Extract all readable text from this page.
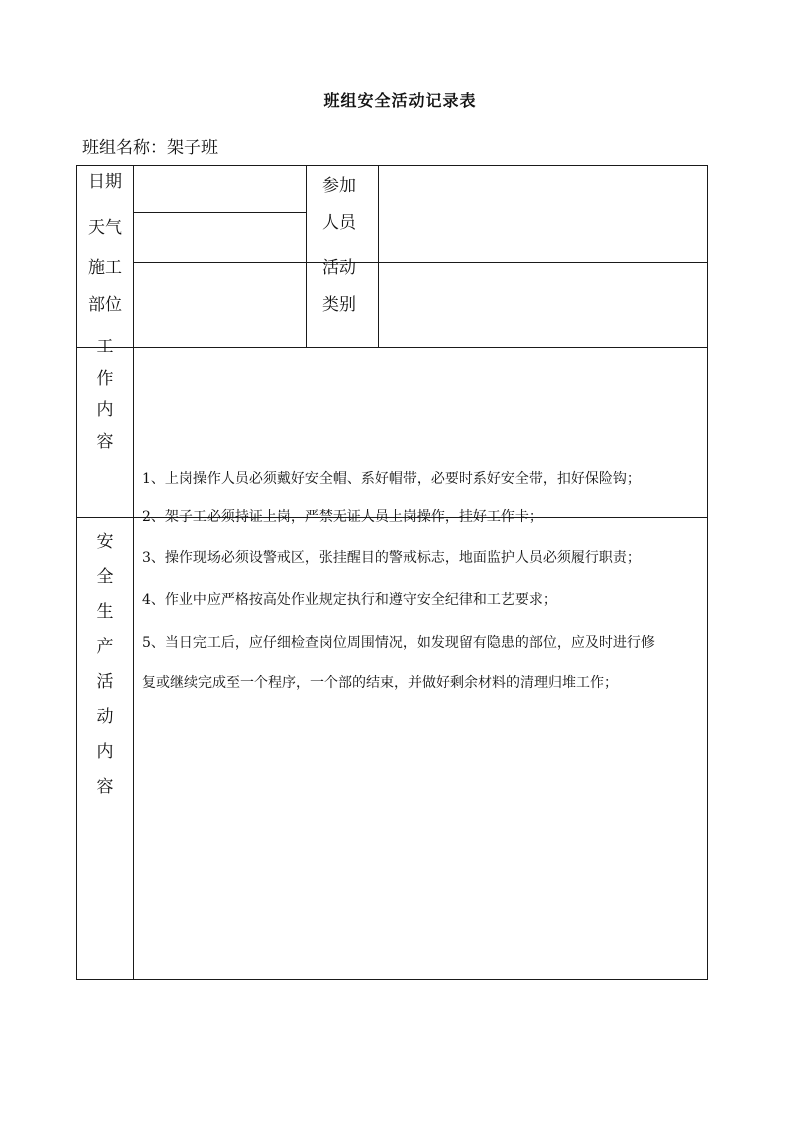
班组安全活动记录表
班组名称：架子班
日期
天气
施工
部位
参加
人员
活动
类别
工
作
内
容
安
全
生
产
活
动
内
容
1、上岗操作人员必须戴好安全帽、系好帽带，必要时系好安全带，扣好保险钩；
2、架子工必须持证上岗，严禁无证人员上岗操作，挂好工作卡；
3、操作现场必须设警戒区，张挂醒目的警戒标志，地面监护人员必须履行职责；
4、作业中应严格按高处作业规定执行和遵守安全纪律和工艺要求；
5、当日完工后，应仔细检查岗位周围情况，如发现留有隐患的部位，应及时进行修
复或继续完成至一个程序，一个部的结束，并做好剩余材料的清理归堆工作；
